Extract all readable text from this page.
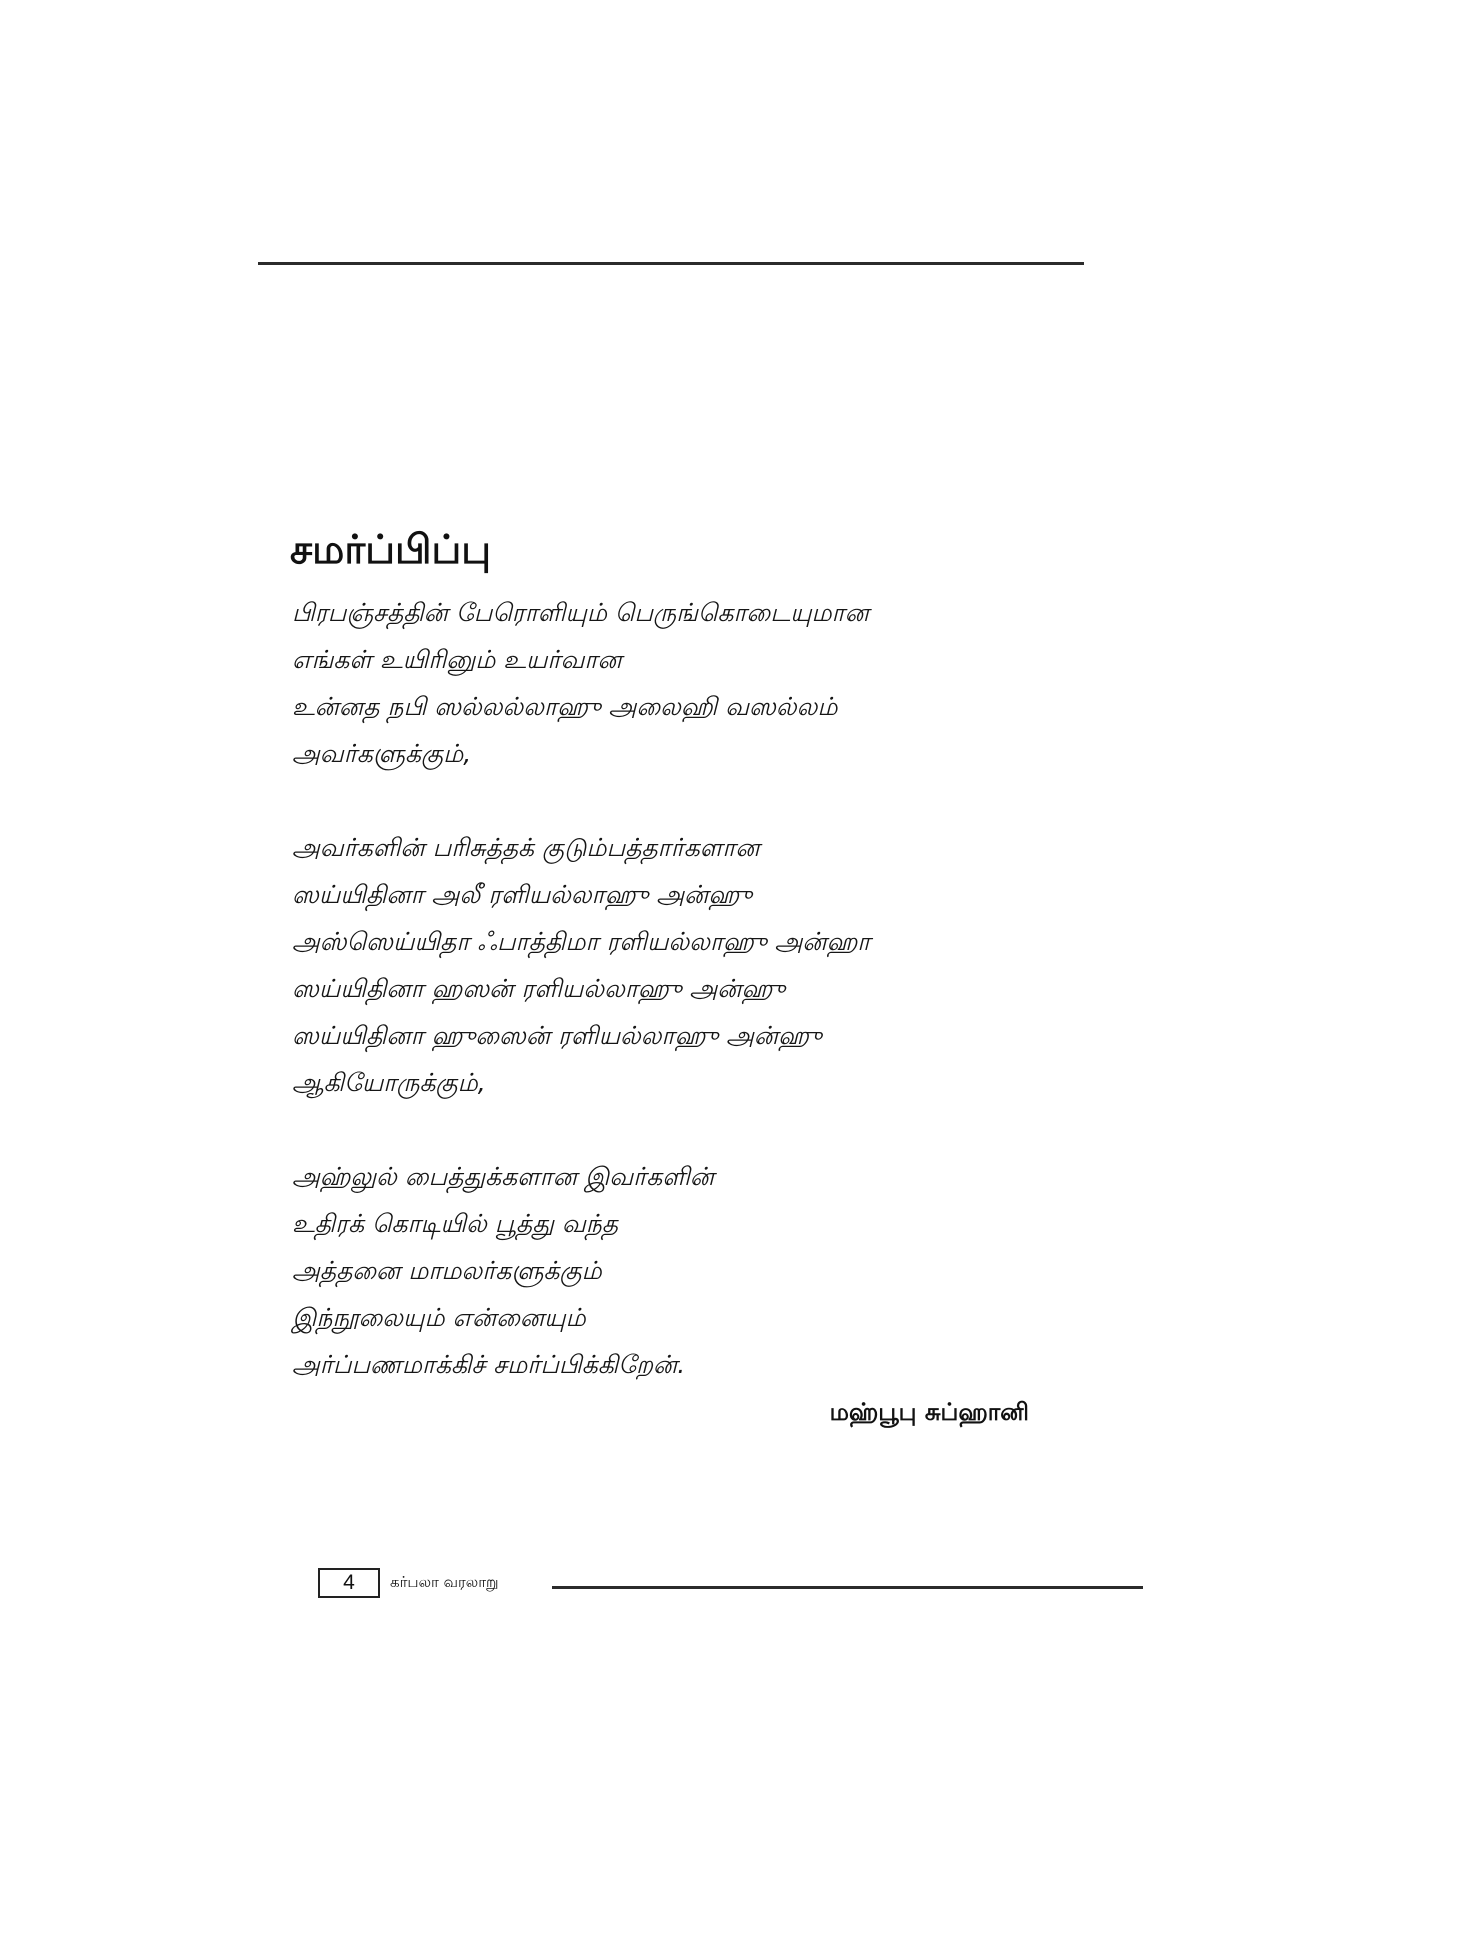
சமர்ப்பிப்பு
பிரபஞ்சத்தின் பேரொளியும் பெருங்கொடையுமான
எங்கள் உயிரினும் உயர்வான
உன்னத நபி ஸல்லல்லாஹு அலைஹி வஸல்லம்
அவர்களுக்கும்,
அவர்களின் பரிசுத்தக் குடும்பத்தார்களான
ஸய்யிதினா அலீ ரளியல்லாஹு அன்ஹு
அஸ்ஸெய்யிதா ஃபாத்திமா ரளியல்லாஹு அன்ஹா
ஸய்யிதினா ஹஸன் ரளியல்லாஹு அன்ஹு
ஸய்யிதினா ஹுஸைன் ரளியல்லாஹு அன்ஹு
ஆகியோருக்கும்,
அஹ்லுல் பைத்துக்களான இவர்களின்
உதிரக் கொடியில் பூத்து வந்த
அத்தனை மாமலர்களுக்கும்
இந்நூலையும் என்னையும்
அர்ப்பணமாக்கிச் சமர்ப்பிக்கிறேன்.
மஹ்பூபு சுப்ஹானி
4	கர்பலா வரலாறு
